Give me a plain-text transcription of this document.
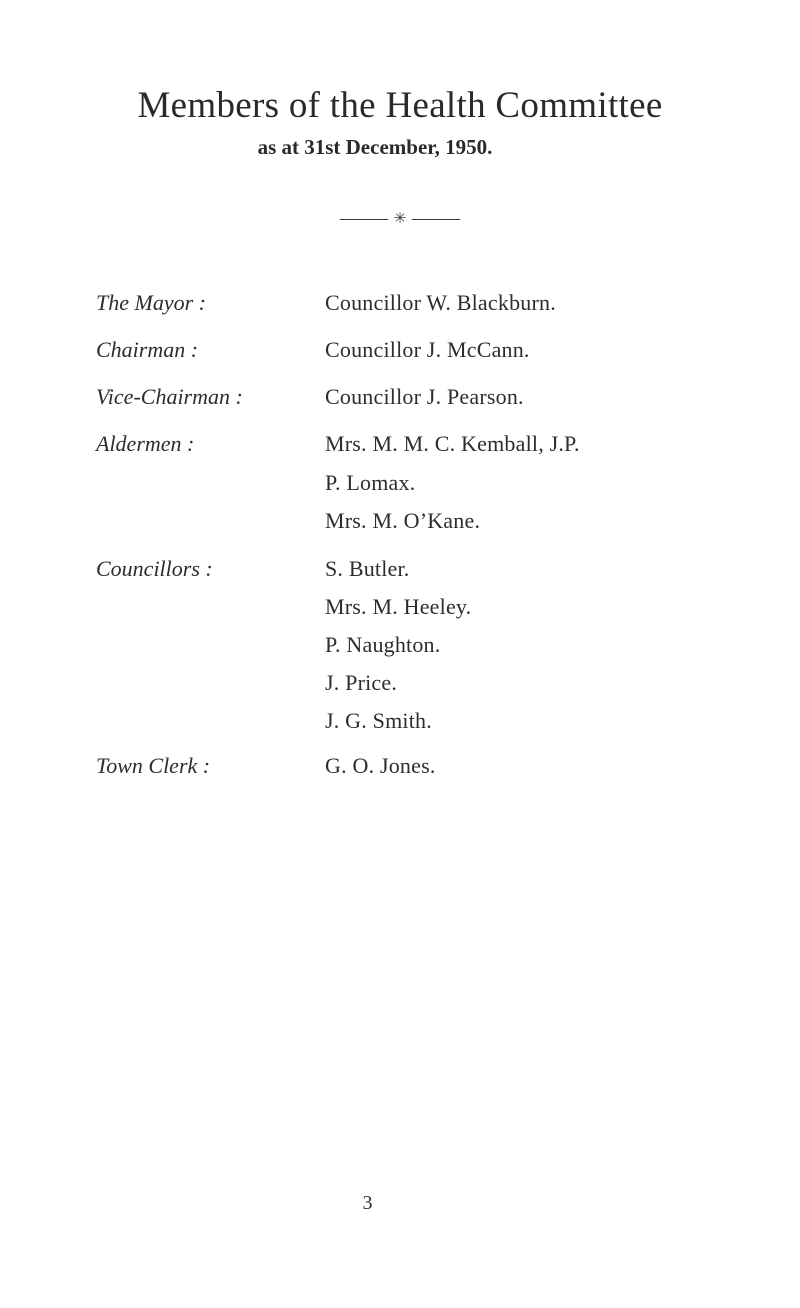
Members of the Health Committee
as at 31st December, 1950.
✳
The Mayor :	Councillor W. Blackburn.
Chairman :	Councillor J. McCann.
Vice-Chairman :	Councillor J. Pearson.
Aldermen :	Mrs. M. M. C. Kemball, J.P.
P. Lomax.
Mrs. M. O’Kane.
Councillors :	S. Butler.
Mrs. M. Heeley.
P. Naughton.
J. Price.
J. G. Smith.
Town Clerk :	G. O. Jones.
3
